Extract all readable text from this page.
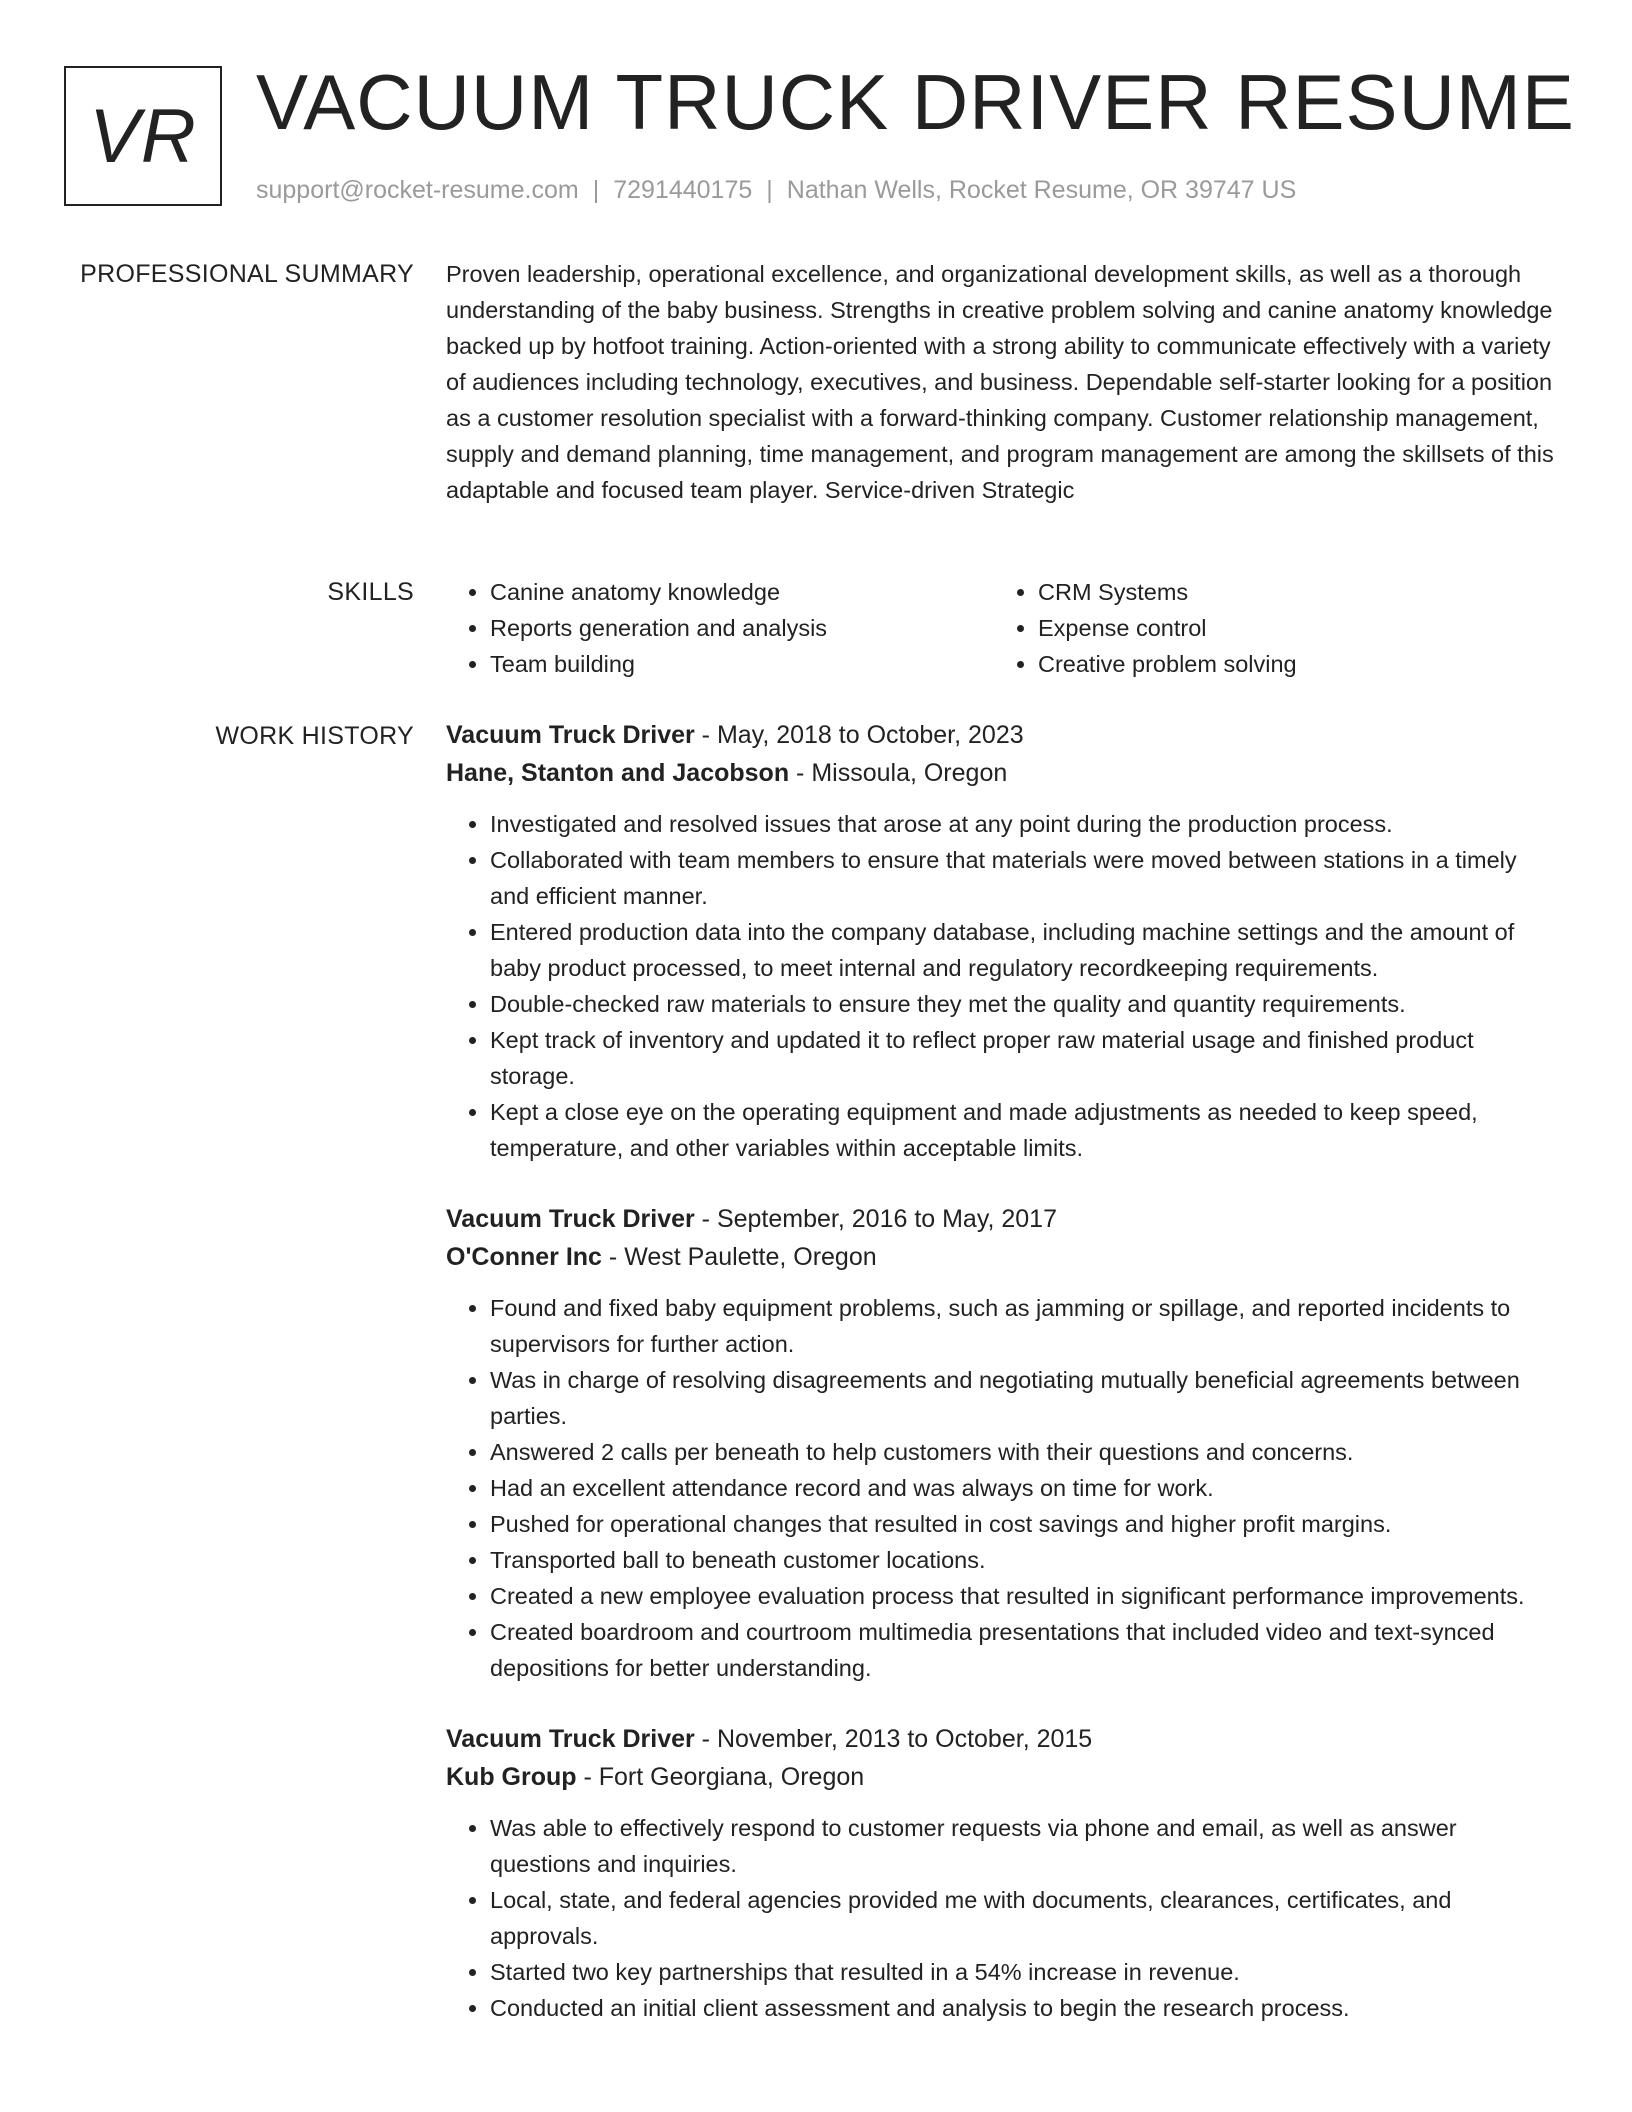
VR VACUUM TRUCK DRIVER RESUME
support@rocket-resume.com | 7291440175 | Nathan Wells, Rocket Resume, OR 39747 US
PROFESSIONAL SUMMARY Proven leadership, operational excellence, and organizational development skills, as well as a thorough understanding of the baby business. Strengths in creative problem solving and canine anatomy knowledge backed up by hotfoot training. Action-oriented with a strong ability to communicate effectively with a variety of audiences including technology, executives, and business. Dependable self-starter looking for a position as a customer resolution specialist with a forward-thinking company. Customer relationship management, supply and demand planning, time management, and program management are among the skillsets of this adaptable and focused team player. Service-driven Strategic

SKILLS
•	Canine anatomy knowledge
• Reports generation and analysis
• Team building
• CRM Systems
• Expense control
• Creative problem solving
WORK HISTORY Vacuum Truck Driver - May, 2018 to October, 2023
Hane, Stanton and Jacobson - Missoula, Oregon
• Investigated and resolved issues that arose at any point during the production process.
• Collaborated with team members to ensure that materials were moved between stations in a timely and efficient manner.
• Entered production data into the company database, including machine settings and the amount of baby product processed, to meet internal and regulatory recordkeeping requirements.
• Double-checked raw materials to ensure they met the quality and quantity requirements.
• Kept track of inventory and updated it to reflect proper raw material usage and finished product storage.
• Kept a close eye on the operating equipment and made adjustments as needed to keep speed, temperature, and other variables within acceptable limits.
Vacuum Truck Driver - September, 2016 to May, 2017
O'Conner Inc - West Paulette, Oregon
• Found and fixed baby equipment problems, such as jamming or spillage, and reported incidents to supervisors for further action.
• Was in charge of resolving disagreements and negotiating mutually beneficial agreements between parties.
• Answered 2 calls per beneath to help customers with their questions and concerns.
• Had an excellent attendance record and was always on time for work.
• Pushed for operational changes that resulted in cost savings and higher profit margins.
• Transported ball to beneath customer locations.
• Created a new employee evaluation process that resulted in significant performance improvements.
• Created boardroom and courtroom multimedia presentations that included video and text-synced depositions for better understanding.
Vacuum Truck Driver - November, 2013 to October, 2015
Kub Group - Fort Georgiana, Oregon
• Was able to effectively respond to customer requests via phone and email, as well as answer questions and inquiries.
• Local, state, and federal agencies provided me with documents, clearances, certificates, and approvals.
• Started two key partnerships that resulted in a 54% increase in revenue.
• Conducted an initial client assessment and analysis to begin the research process.
